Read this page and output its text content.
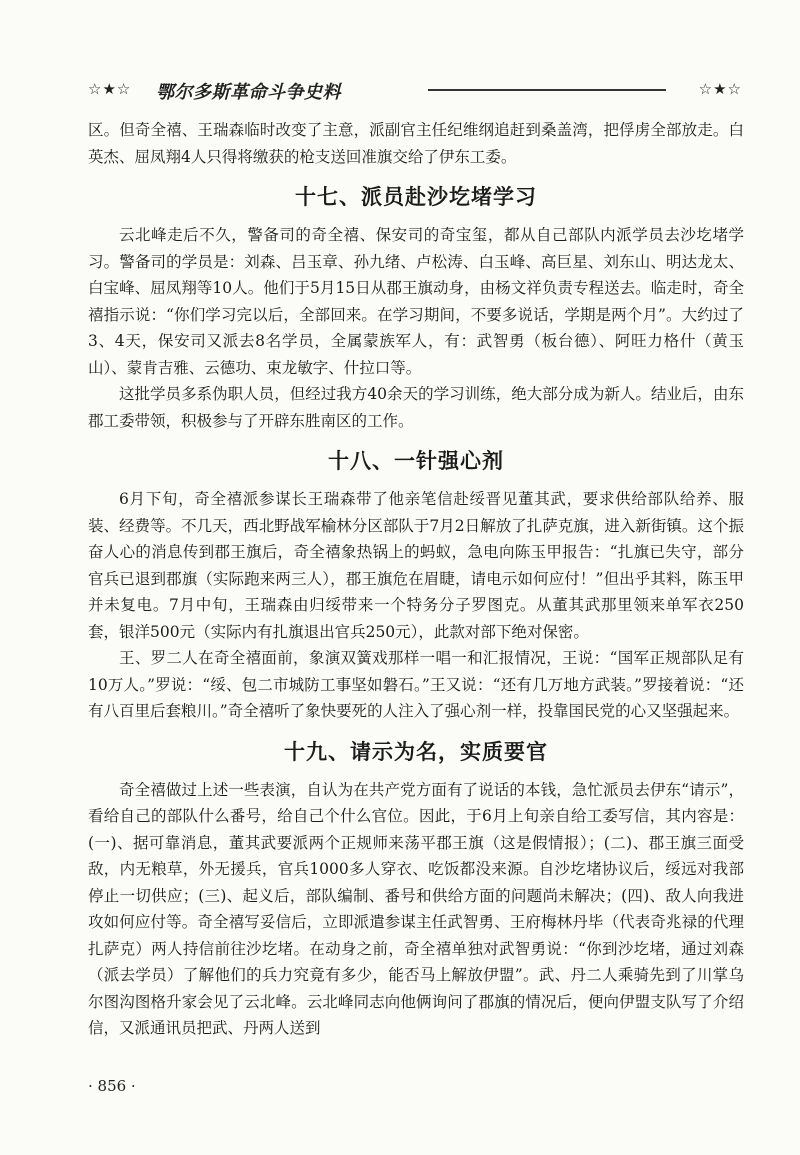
☆★☆ 鄂尔多斯革命斗争史料	☆★☆

区。但奇全禧、王瑞森临时改变了主意，派副官主任纪维纲追赶到桑盖湾，把俘虏全部放走。白英杰、屈凤翔4人只得将缴获的枪支送回准旗交给了伊东工委。

十七、派员赴沙圪堵学习

云北峰走后不久，警备司的奇全禧、保安司的奇宝玺，都从自己部队内派学员去沙圪堵学习。警备司的学员是：刘森、吕玉章、孙九绪、卢松涛、白玉峰、高巨星、刘东山、明达龙太、白宝峰、屈凤翔等10人。他们于5月15日从郡王旗动身，由杨文祥负责专程送去。临走时，奇全禧指示说：“你们学习完以后，全部回来。在学习期间，不要多说话，学期是两个月”。大约过了3、4天，保安司又派去8名学员，全属蒙族军人，有：武智勇（板台德）、阿旺力格什（黄玉山）、蒙肯吉雅、云德功、束龙敏字、什拉口等。

这批学员多系伪职人员，但经过我方40余天的学习训练，绝大部分成为新人。结业后，由东郡工委带领，积极参与了开辟东胜南区的工作。

十八、一针强心剂

6月下旬，奇全禧派参谋长王瑞森带了他亲笔信赴绥晋见董其武，要求供给部队给养、服装、经费等。不几天，西北野战军榆林分区部队于7月2日解放了扎萨克旗，进入新街镇。这个振奋人心的消息传到郡王旗后，奇全禧象热锅上的蚂蚁，急电向陈玉甲报告：“扎旗已失守，部分官兵已退到郡旗（实际跑来两三人），郡王旗危在眉睫，请电示如何应付！”但出乎其料，陈玉甲并未复电。7月中旬，王瑞森由归绥带来一个特务分子罗图克。从董其武那里领来单军衣250套，银洋500元（实际内有扎旗退出官兵250元），此款对部下绝对保密。

王、罗二人在奇全禧面前，象演双簧戏那样一唱一和汇报情况，王说：“国军正规部队足有10万人。”罗说：“绥、包二市城防工事坚如磐石。”王又说：“还有几万地方武装。”罗接着说：“还有八百里后套粮川。”奇全禧听了象快要死的人注入了强心剂一样，投靠国民党的心又坚强起来。

十九、请示为名，实质要官

奇全禧做过上述一些表演，自认为在共产党方面有了说话的本钱，急忙派员去伊东“请示”，看给自己的部队什么番号，给自己个什么官位。因此，于6月上旬亲自给工委写信，其内容是：(一)、据可靠消息，董其武要派两个正规师来荡平郡王旗（这是假情报）；(二)、郡王旗三面受敌，内无粮草，外无援兵，官兵1000多人穿衣、吃饭都没来源。自沙圪堵协议后，绥远对我部停止一切供应；(三)、起义后，部队编制、番号和供给方面的问题尚未解决；(四)、敌人向我进攻如何应付等。奇全禧写妥信后，立即派遣参谋主任武智勇、王府梅林丹毕（代表奇兆禄的代理扎萨克）两人持信前往沙圪堵。在动身之前，奇全禧单独对武智勇说：“你到沙圪堵，通过刘森（派去学员）了解他们的兵力究竟有多少，能否马上解放伊盟”。武、丹二人乘骑先到了川掌乌尔图沟图格升家会见了云北峰。云北峰同志向他俩询问了郡旗的情况后，便向伊盟支队写了介绍信，又派通讯员把武、丹两人送到

· 856 ·
